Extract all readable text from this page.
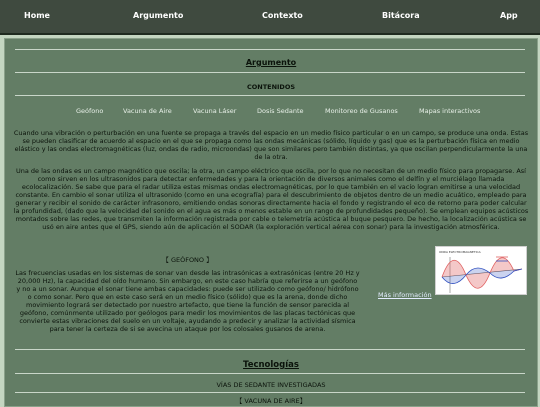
Home	Argumento	Contexto	Bitácora	App
Argumento
CONTENIDOS
Geófono	Vacuna de Aire	Vacuna Láser	Dosis Sedante	Monitoreo de Gusanos	Mapas interactivos
Cuando una vibración o perturbación en una fuente se propaga a través del espacio en un medio físico particular o en un campo, se produce una onda. Estas se pueden clasificar de acuerdo al espacio en el que se propaga como las ondas mecánicas (sólido, líquido y gas) que es la perturbación física en medio elástico y las ondas electromagnéticas (luz, ondas de radio, microondas) que son similares pero también distintas, ya que oscilan perpendicularmente la una de la otra.
Una de las ondas es un campo magnético que oscila; la otra, un campo eléctrico que oscila, por lo que no necesitan de un medio físico para propagarse. Así como sirven en los ultrasonidos para detectar enfermedades y para la orientación de diversos animales como el delfín y el murciélago llamada ecolocalización. Se sabe que para el radar utiliza estas mismas ondas electromagnéticas, por lo que también en el vacío logran emitirse a una velocidad constante. En cambio el sonar utiliza el ultrasonido (como en una ecografía) para el descubrimiento de objetos dentro de un medio acuático, empleado para generar y recibir el sonido de carácter infrasonoro, emitiendo ondas sonoras directamente hacia el fondo y registrando el eco de retorno para poder calcular la profundidad, (dado que la velocidad del sonido en el agua es más o menos estable en un rango de profundidades pequeño). Se emplean equipos acústicos montados sobre las redes, que transmiten la información registrada por cable o telemetría acústica al buque pesquero. De hecho, la localización acústica se usó en aire antes que el GPS, siendo aún de aplicación el SODAR (la exploración vertical aérea con sonar) para la investigación atmosférica.
【 GEÓFONO 】
Las frecuencias usadas en los sistemas de sonar van desde las intrasónicas a extrasónicas (entre 20 Hz y 20,000 Hz), la capacidad del oído humano. Sin embargo, en este caso habría que referirse a un geófono y no a un sonar. Aunque el sonar tiene ambas capacidades: puede ser utilizado como geófono/ hidrófono o como sonar. Pero que en este caso será en un medio físico (sólido) que es la arena, donde dicho movimiento logrará ser detectado por nuestro artefacto, que tiene la función de sensor parecida al geófono, comúnmente utilizado por geólogos para medir los movimientos de las placas tectónicas que convierte estas vibraciones del suelo en un voltaje, ayudando a predecir y analizar la actividad sísmica para tener la certeza de si se avecina un ataque por los colosales gusanos de arena.
ONDA ELECTROMAGNETICA
Más información
Tecnologías
VÍAS DE SEDANTE INVESTIGADAS
【 VACUNA DE AIRE】
